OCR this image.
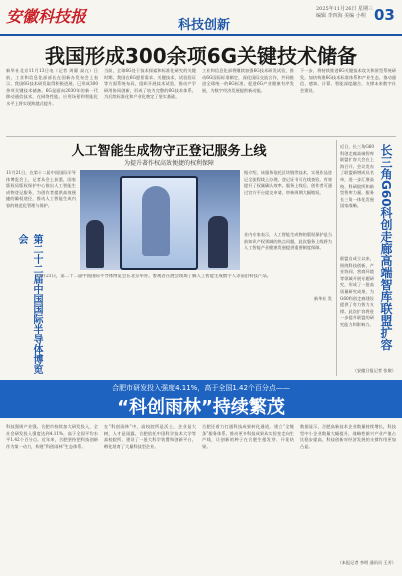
安徽科技报	科技创新
2025年11月26日 星期三
编辑 李四海 美编 小明 03
我国形成300余项6G关键技术储备
新华社北京11月13日电（记者 周圆 高亢）日前，工业和信息化部部长在国新办发布会上表示，我国6G技术研发取得积极进展，已形成300余项关键技术储备。6G是面向2030年的新一代移动通信技术，在网络性能、应用场景和智能化水平上将实现跨越式提升。
当前，全球6G处于技术探索和标准化研究的关键时期。我国在6G愿景需求、关键技术、试验验证等方面系统布局，组织开展技术试验，推动产学研用协同创新，形成了较为完整的6G技术体系，为后续标准化和产业化奠定了坚实基础。
工业和信息化部将继续加强6G技术研发试验，推动6G国际标准制定，深化国际交流合作，共同推进全球统一的6G标准，促进6G产业健康有序发展，为数字经济发展提供新动能。
下一步，将持续推进6G关键技术攻关和原型系统研发，加快构建6G技术标准体系和产业生态，推动通信、感知、计算、智能深度融合，支撑未来数字社会建设。
人工智能生成物守正登记服务上线
为提升著作权高效便捷的权利保障
11月21日，在第十二届中国国际半导体博览会上，记者从会上获悉，国家版权局版权保护中心推出人工智能生成物登记服务，为创作者提供高效便捷的确权途径，推动人工智能生成内容的规范化管理与保护。
据介绍，该服务依托区块链等技术，实现作品登记全流程线上办理，登记证书可在线查验，有效提升了权属确认效率。服务上线后，创作者可通过官方平台提交申请，审核周期大幅缩短。
业内专家表示，人工智能生成物的版权保护是当前知识产权领域的热点问题，此次服务上线将为人工智能产业健康发展提供重要制度保障。
第二十二届中国国际半导体博览会
11月21日，第二十二届中国国际半导体博览会在北京举办。参观者在展会现场了解人工智能生成数字人等前沿科技产品。
新华社 发	长三角G60科创走廊高端智库联盟扩容
近日，长三角G60科创走廊高端智库联盟扩容大会在上海召开。会议发布了联盟新增成员名单，进一步汇聚高校、科研院所和新型智库力量，服务长三角一体化发展国家战略。
联盟自成立以来，围绕科技创新、产业协同、营商环境等领域开展专题研究，形成了一批高质量研究成果，为G60科创走廊建设提供了有力智力支撑。此次扩容将进一步提升联盟的研究能力和影响力。
（安徽日报记者 张敏）
合肥市研发投入强度4.11%，高于全国1.42个百分点——
“科创雨林”持续繁茂
科技强则产业强。合肥市持续加大研发投入，全社会研发投入强度达到4.11%，高于全国平均水平1.42个百分点。近年来，合肥坚持把科技创新作为第一动力，构建“科创雨林”生态体系。
在“科创雨林”中，高校院所是沃土，企业是大树，人才是雨露。合肥依托中国科学技术大学等高校院所，建设了一批大科学装置和创新平台，孵化培育了大量科技型企业。
合肥还着力打通科技成果转化通道，建立“全链条”服务体系，推动更多科技成果从实验室走向生产线，让创新的种子在合肥生根发芽、开花结果。
数据显示，合肥高新技术企业数量持续增长，科技型中小企业数量大幅提升，战略性新兴产业产值占比稳步提高，科技创新对经济发展的支撑作用更加凸显。
（本报记者 李明 通讯员 王芳）
